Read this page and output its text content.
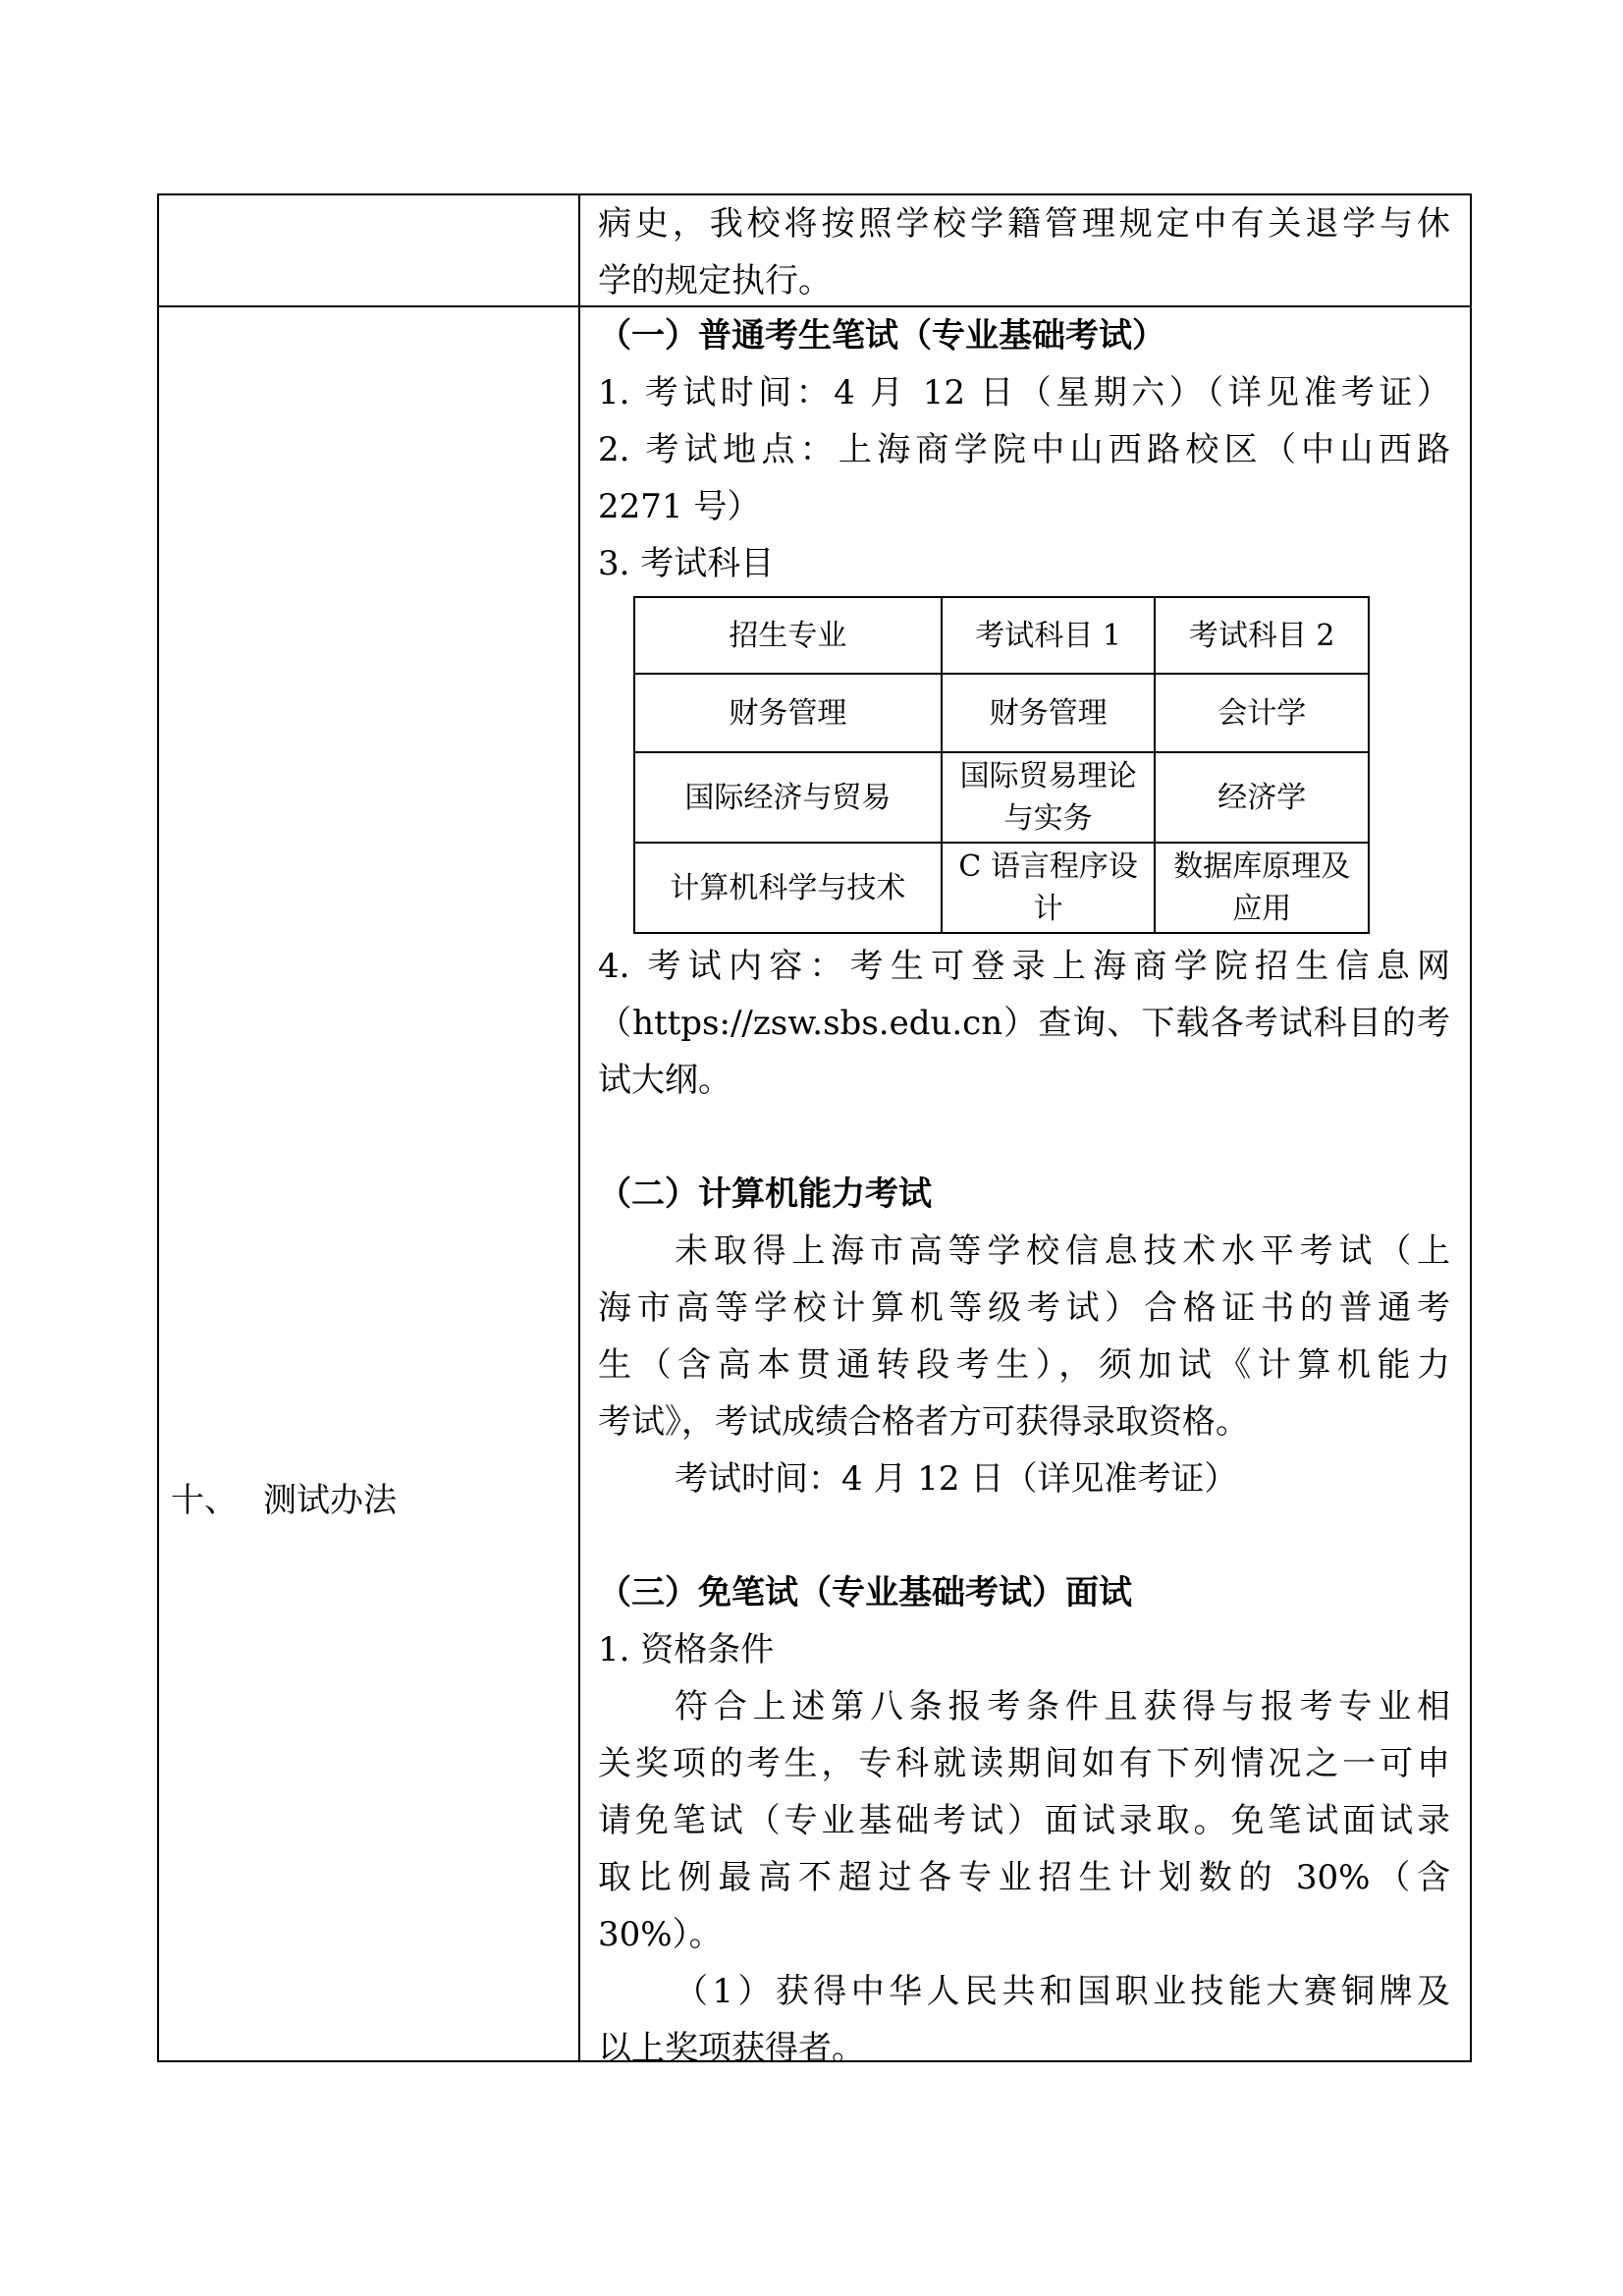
病史，我校将按照学校学籍管理规定中有关退学与休

学的规定执行。

十、 测试办法

（一）普通考生笔试（专业基础考试）

1. 考试时间：4 月 12 日（星期六）（详见准考证）

2. 考试地点：上海商学院中山西路校区（中山西路

2271 号）

3. 考试科目

招生专业	考试科目 1	考试科目 2
财务管理	财务管理	会计学
国际经济与贸易	国际贸易理论与实务	经济学
计算机科学与技术	C 语言程序设计	数据库原理及应用

4. 考试内容：考生可登录上海商学院招生信息网

（https://zsw.sbs.edu.cn）查询、下载各考试科目的考

试大纲。

（二）计算机能力考试

未取得上海市高等学校信息技术水平考试（上

海市高等学校计算机等级考试）合格证书的普通考

生（含高本贯通转段考生），须加试《计算机能力

考试》，考试成绩合格者方可获得录取资格。

考试时间：4 月 12 日（详见准考证）

（三）免笔试（专业基础考试）面试

1. 资格条件

符合上述第八条报考条件且获得与报考专业相

关奖项的考生，专科就读期间如有下列情况之一可申

请免笔试（专业基础考试）面试录取。免笔试面试录

取比例最高不超过各专业招生计划数的 30%（含

30%）。

（1）获得中华人民共和国职业技能大赛铜牌及

以上奖项获得者。
